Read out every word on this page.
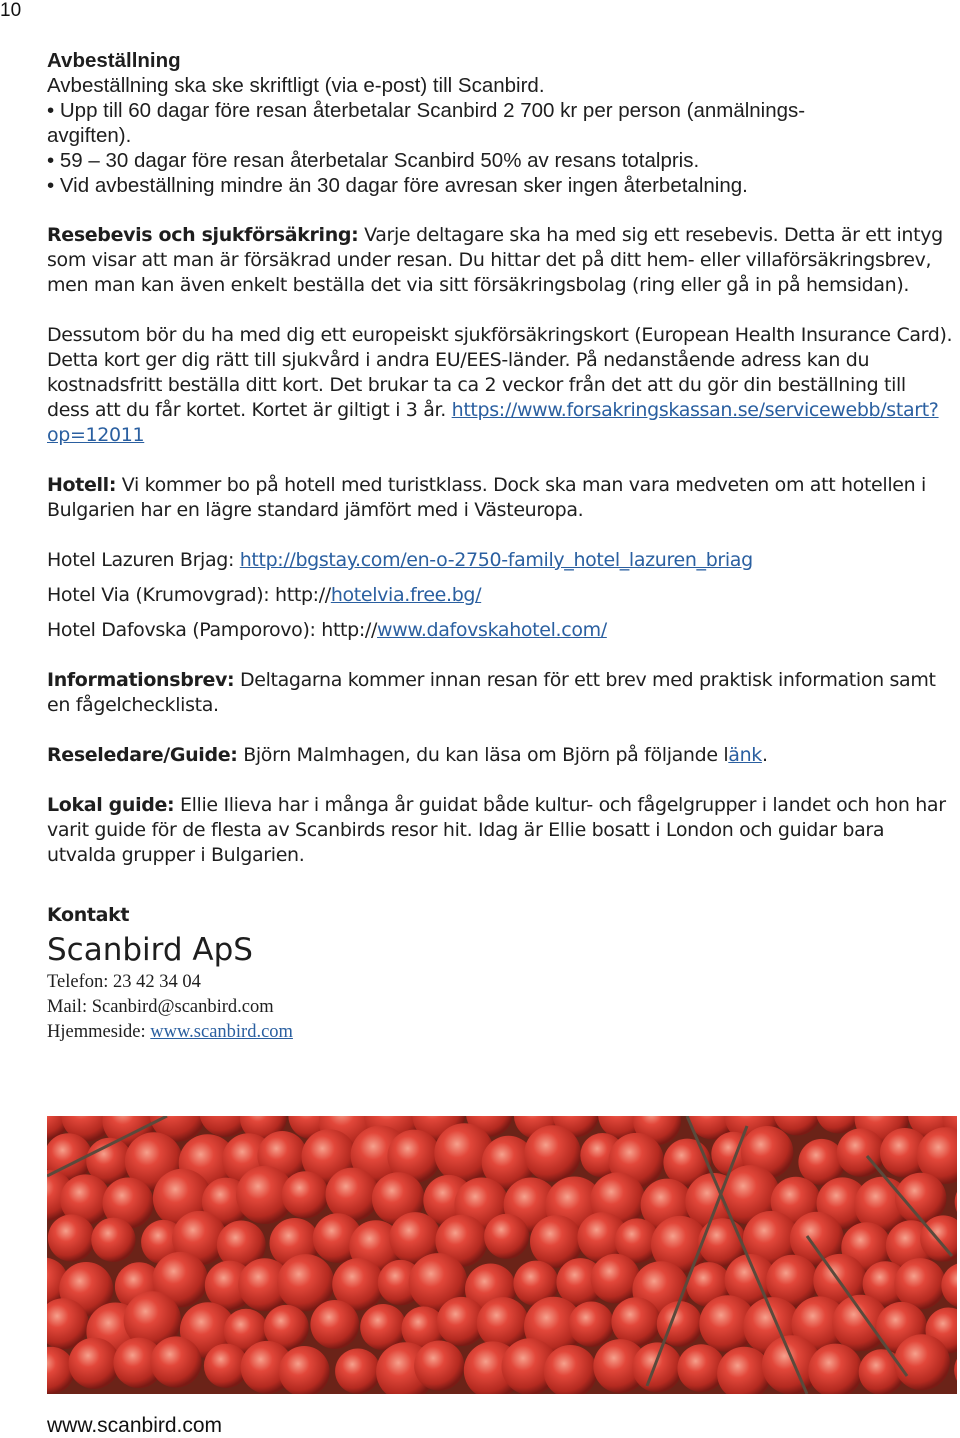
10
Avbeställning
Avbeställning ska ske skriftligt (via e-post) till Scanbird.
• Upp till 60 dagar före resan återbetalar Scanbird 2 700 kr per person (anmälnings-
avgiften).
• 59 – 30 dagar före resan återbetalar Scanbird 50% av resans totalpris.
• Vid avbeställning mindre än 30 dagar före avresan sker ingen återbetalning.

Resebevis och sjukförsäkring: Varje deltagare ska ha med sig ett resebevis. Detta är ett intyg som visar att man är försäkrad under resan. Du hittar det på ditt hem- eller villaförsäkringsbrev, men man kan även enkelt beställa det via sitt försäkringsbolag (ring eller gå in på hemsidan).

Dessutom bör du ha med dig ett europeiskt sjukförsäkringskort (European Health Insurance Card). Detta kort ger dig rätt till sjukvård i andra EU/EES-länder. På nedanstående adress kan du kostnadsfritt beställa ditt kort. Det brukar ta ca 2 veckor från det att du gör din beställning till dess att du får kortet. Kortet är giltigt i 3 år. https://www.forsakringskassan.se/servicewebb/start?op=12011

Hotell: Vi kommer bo på hotell med turistklass. Dock ska man vara medveten om att hotellen i Bulgarien har en lägre standard jämfört med i Västeuropa.

Hotel Lazuren Brjag: http://bgstay.com/en-o-2750-family_hotel_lazuren_briag
Hotel Via (Krumovgrad): http://hotelvia.free.bg/
Hotel Dafovska (Pamporovo): http://www.dafovskahotel.com/

Informationsbrev: Deltagarna kommer innan resan för ett brev med praktisk information samt en fågelchecklista.

Reseledare/Guide: Björn Malmhagen, du kan läsa om Björn på följande länk.

Lokal guide: Ellie Ilieva har i många år guidat både kultur- och fågelgrupper i landet och hon har varit guide för de flesta av Scanbirds resor hit. Idag är Ellie bosatt i London och guidar bara utvalda grupper i Bulgarien.

Kontakt
Scanbird ApS
Telefon: 23 42 34 04
Mail: Scanbird@scanbird.com
Hjemmeside: www.scanbird.com
www.scanbird.com
